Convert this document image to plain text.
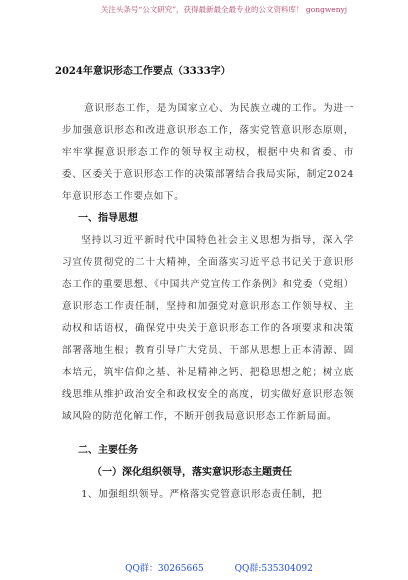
关注头条号“公文研究”，获得最新最全最专业的公文资料库！ gongwenyj
2024年意识形态工作要点（3333字）

意识形态工作，是为国家立心、为民族立魂的工作。为进一步加强意识形态和改进意识形态工作，落实党管意识形态原则，牢牢掌握意识形态工作的领导权主动权，根据中央和省委、市委、区委关于意识形态工作的决策部署结合我局实际，制定2024年意识形态工作要点如下。

一、指导思想

坚持以习近平新时代中国特色社会主义思想为指导，深入学习宣传贯彻党的二十大精神，全面落实习近平总书记关于意识形态工作的重要思想、《中国共产党宣传工作条例》和党委（党组）意识形态工作责任制，坚持和加强党对意识形态工作领导权、主动权和话语权，确保党中央关于意识形态工作的各项要求和决策部署落地生根；教育引导广大党员、干部从思想上正本清源、固本培元，筑牢信仰之基、补足精神之钙、把稳思想之舵；树立底线思维从维护政治安全和政权安全的高度，切实做好意识形态领域风险的防范化解工作，不断开创我局意识形态工作新局面。

二、主要任务

（一）深化组织领导，落实意识形态主题责任

1、加强组织领导。严格落实党管意识形态责任制，把

QQ群：30265665	QQ群:535304092
